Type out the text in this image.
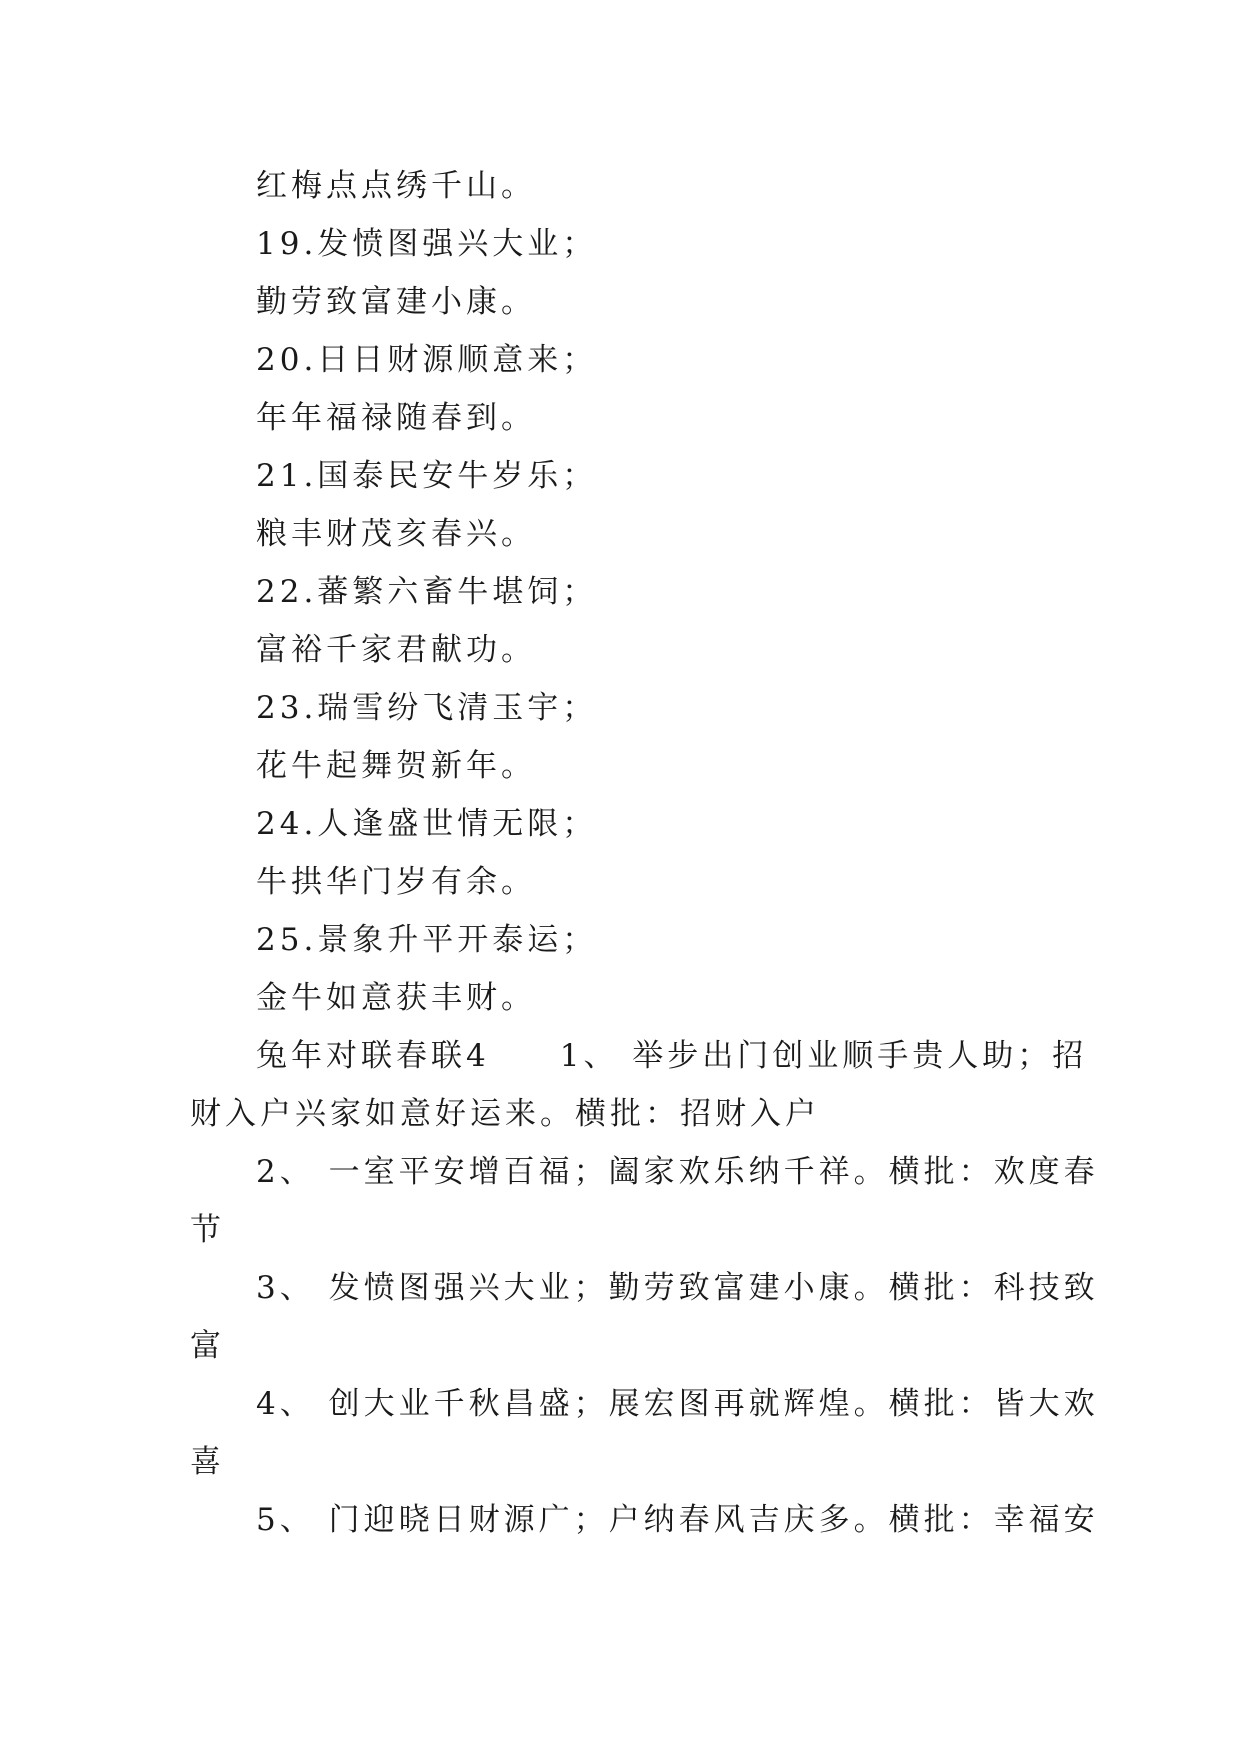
红梅点点绣千山。
19.发愤图强兴大业；
勤劳致富建小康。
20.日日财源顺意来；
年年福禄随春到。
21.国泰民安牛岁乐；
粮丰财茂亥春兴。
22.蕃繁六畜牛堪饲；
富裕千家君献功。
23.瑞雪纷飞清玉宇；
花牛起舞贺新年。
24.人逢盛世情无限；
牛拱华门岁有余。
25.景象升平开泰运；
金牛如意获丰财。
兔年对联春联4　　1、 举步出门创业顺手贵人助；招
财入户兴家如意好运来。横批：招财入户
2、 一室平安增百福；阖家欢乐纳千祥。横批：欢度春
节
3、 发愤图强兴大业；勤劳致富建小康。横批：科技致
富
4、 创大业千秋昌盛；展宏图再就辉煌。横批：皆大欢
喜
5、 门迎晓日财源广；户纳春风吉庆多。横批：幸福安
